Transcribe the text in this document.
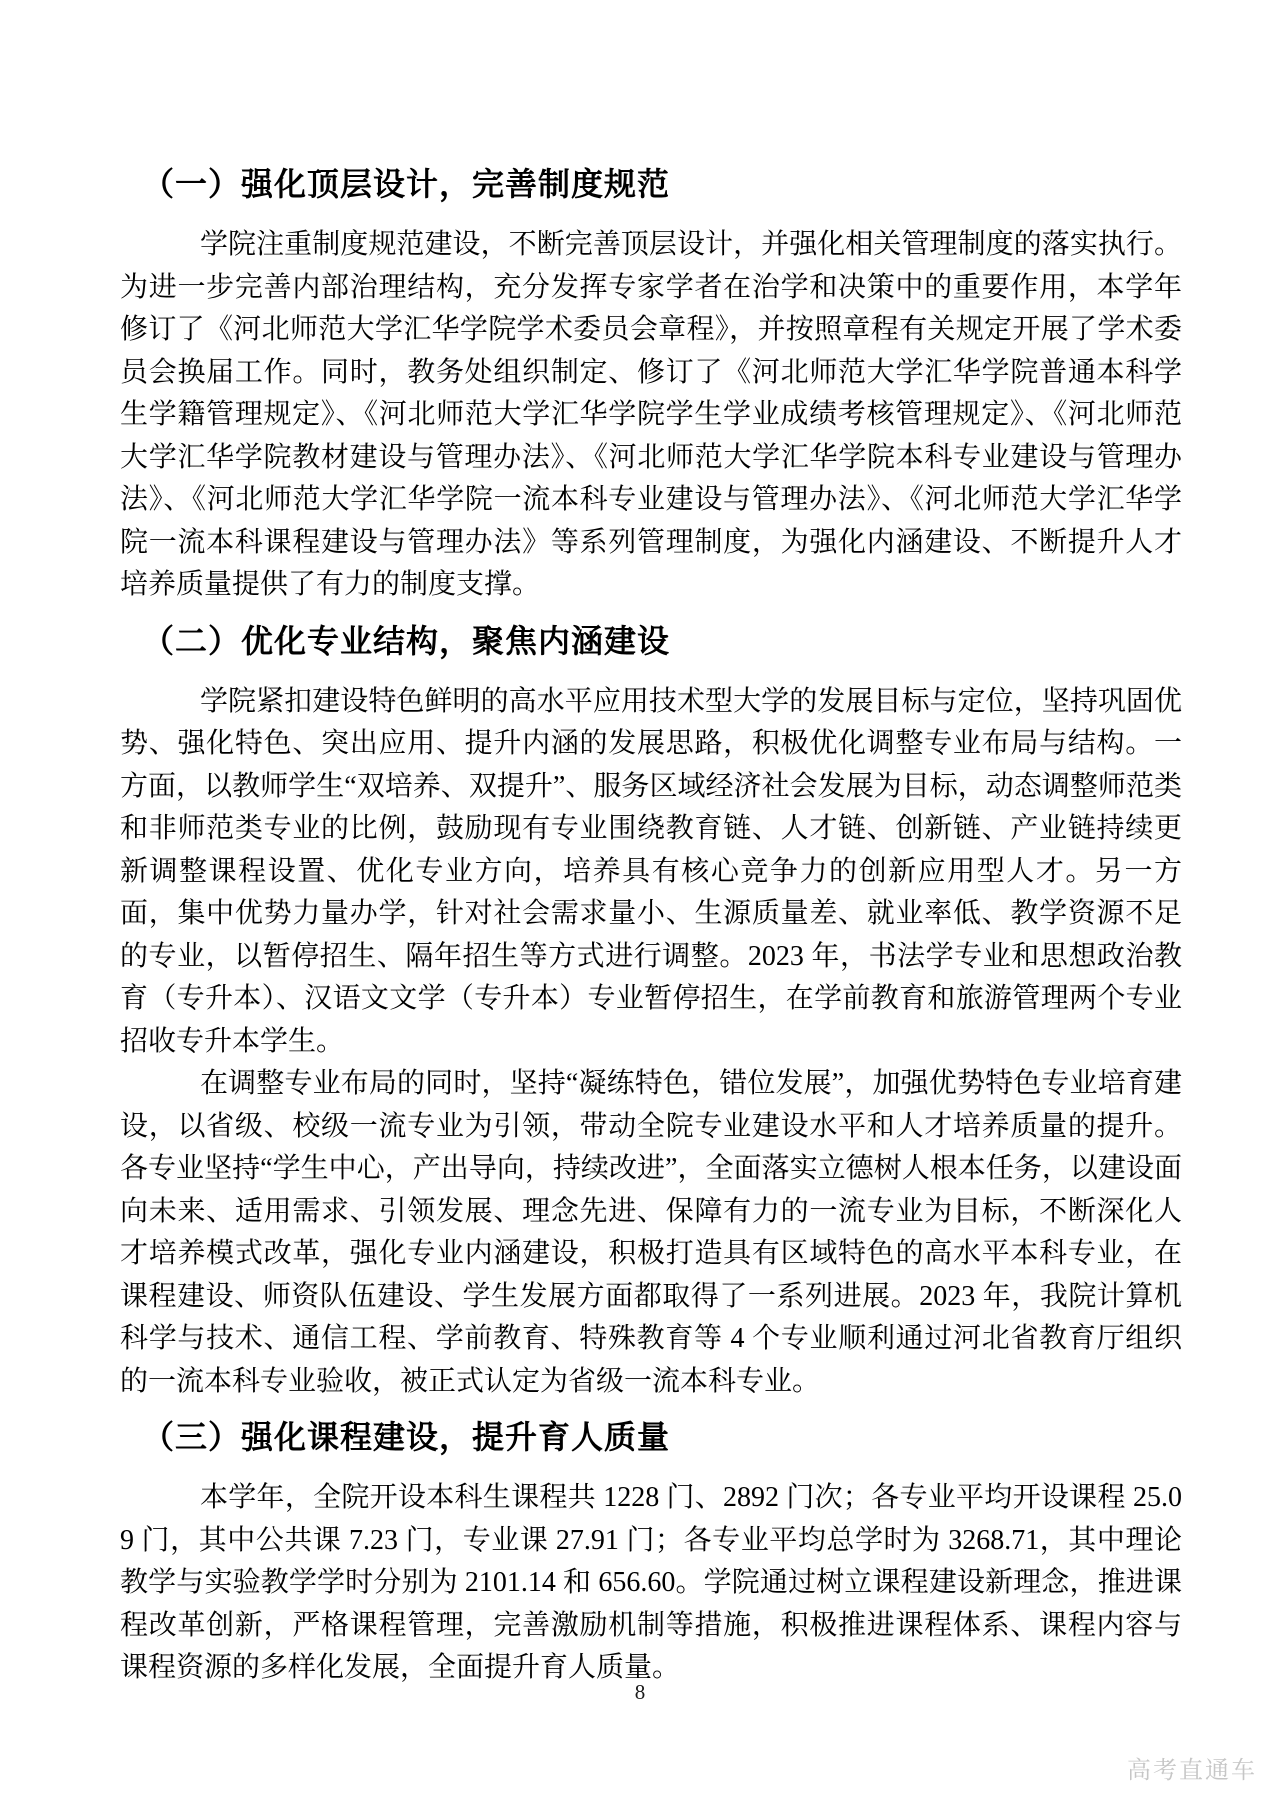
（一）强化顶层设计，完善制度规范

学院注重制度规范建设，不断完善顶层设计，并强化相关管理制度的落实执行。为进一步完善内部治理结构，充分发挥专家学者在治学和决策中的重要作用，本学年修订了《河北师范大学汇华学院学术委员会章程》，并按照章程有关规定开展了学术委员会换届工作。同时，教务处组织制定、修订了《河北师范大学汇华学院普通本科学生学籍管理规定》、《河北师范大学汇华学院学生学业成绩考核管理规定》、《河北师范大学汇华学院教材建设与管理办法》、《河北师范大学汇华学院本科专业建设与管理办法》、《河北师范大学汇华学院一流本科专业建设与管理办法》、《河北师范大学汇华学院一流本科课程建设与管理办法》等系列管理制度，为强化内涵建设、不断提升人才培养质量提供了有力的制度支撑。

（二）优化专业结构，聚焦内涵建设

学院紧扣建设特色鲜明的高水平应用技术型大学的发展目标与定位，坚持巩固优势、强化特色、突出应用、提升内涵的发展思路，积极优化调整专业布局与结构。一方面，以教师学生“双培养、双提升”、服务区域经济社会发展为目标，动态调整师范类和非师范类专业的比例，鼓励现有专业围绕教育链、人才链、创新链、产业链持续更新调整课程设置、优化专业方向，培养具有核心竞争力的创新应用型人才。另一方面，集中优势力量办学，针对社会需求量小、生源质量差、就业率低、教学资源不足的专业，以暂停招生、隔年招生等方式进行调整。2023 年，书法学专业和思想政治教育（专升本）、汉语文文学（专升本）专业暂停招生，在学前教育和旅游管理两个专业招收专升本学生。

在调整专业布局的同时，坚持“凝练特色，错位发展”，加强优势特色专业培育建设，以省级、校级一流专业为引领，带动全院专业建设水平和人才培养质量的提升。各专业坚持“学生中心，产出导向，持续改进”，全面落实立德树人根本任务，以建设面向未来、适用需求、引领发展、理念先进、保障有力的一流专业为目标，不断深化人才培养模式改革，强化专业内涵建设，积极打造具有区域特色的高水平本科专业，在课程建设、师资队伍建设、学生发展方面都取得了一系列进展。2023 年，我院计算机科学与技术、通信工程、学前教育、特殊教育等 4 个专业顺利通过河北省教育厅组织的一流本科专业验收，被正式认定为省级一流本科专业。

（三）强化课程建设，提升育人质量

本学年，全院开设本科生课程共 1228 门、2892 门次；各专业平均开设课程 25.09 门，其中公共课 7.23 门，专业课 27.91 门；各专业平均总学时为 3268.71，其中理论教学与实验教学学时分别为 2101.14 和 656.60。学院通过树立课程建设新理念，推进课程改革创新，严格课程管理，完善激励机制等措施，积极推进课程体系、课程内容与课程资源的多样化发展，全面提升育人质量。

8
高考直通车
